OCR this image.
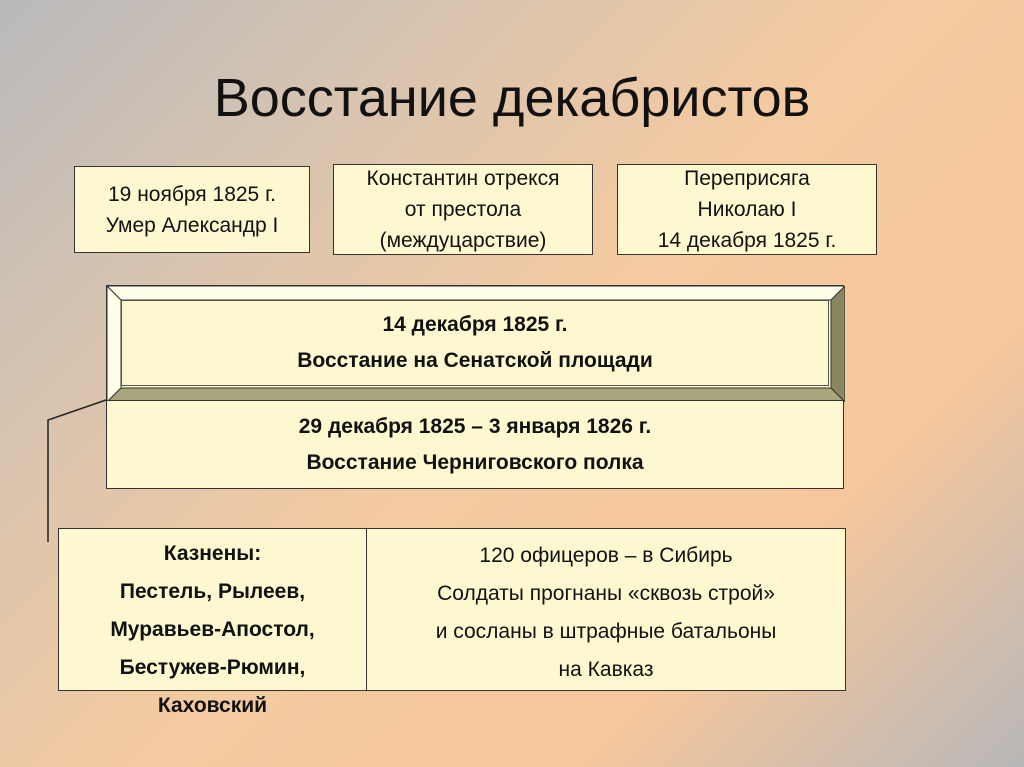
Восстание декабристов
19 ноября 1825 г.
Умер Александр I
Константин отрекся
от престола
(междуцарствие)
Переприсяга
Николаю I
14 декабря 1825 г.
14 декабря 1825 г.
Восстание на Сенатской площади
29 декабря 1825 – 3 января 1826 г.
Восстание Черниговского полка
Казнены:
Пестель, Рылеев,
Муравьев-Апостол,
Бестужев-Рюмин,
Каховский
120 офицеров – в Сибирь
Солдаты прогнаны «сквозь строй»
и сосланы в штрафные батальоны
на Кавказ
